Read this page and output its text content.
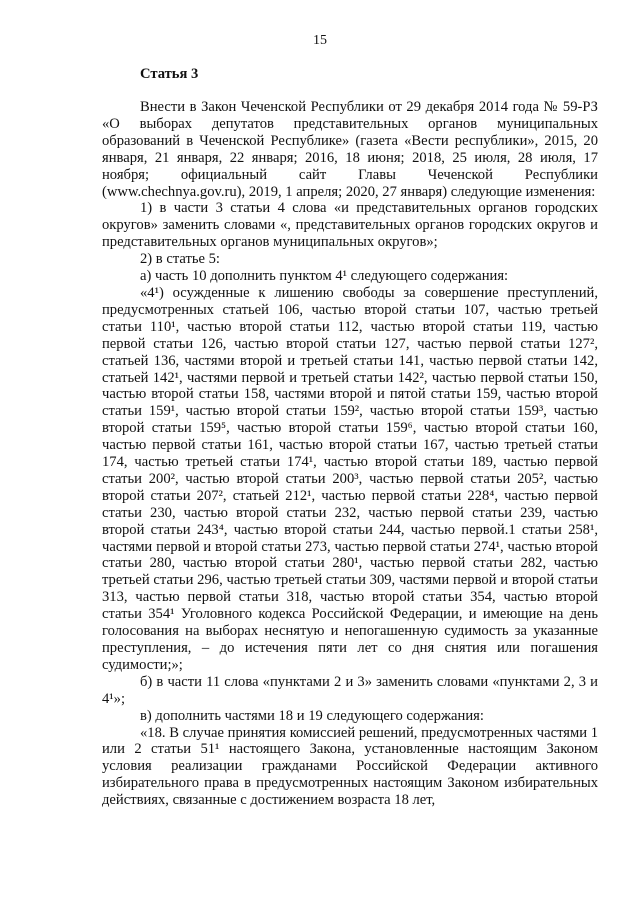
15
Статья 3

Внести в Закон Чеченской Республики от 29 декабря 2014 года № 59-РЗ «О выборах депутатов представительных органов муниципальных образований в Чеченской Республике» (газета «Вести республики», 2015, 20 января, 21 января, 22 января; 2016, 18 июня; 2018, 25 июля, 28 июля, 17 ноября; официальный сайт Главы Чеченской Республики (www.chechnya.gov.ru), 2019, 1 апреля; 2020, 27 января) следующие изменения:

1) в части 3 статьи 4 слова «и представительных органов городских округов» заменить словами «, представительных органов городских округов и представительных органов муниципальных округов»;

2) в статье 5:

а) часть 10 дополнить пунктом 4¹ следующего содержания:

«4¹) осужденные к лишению свободы за совершение преступлений, предусмотренных статьей 106, частью второй статьи 107, частью третьей статьи 110¹, частью второй статьи 112, частью второй статьи 119, частью первой статьи 126, частью второй статьи 127, частью первой статьи 127², статьей 136, частями второй и третьей статьи 141, частью первой статьи 142, статьей 142¹, частями первой и третьей статьи 142², частью первой статьи 150, частью второй статьи 158, частями второй и пятой статьи 159, частью второй статьи 159¹, частью второй статьи 159², частью второй статьи 159³, частью второй статьи 159⁵, частью второй статьи 159⁶, частью второй статьи 160, частью первой статьи 161, частью второй статьи 167, частью третьей статьи 174, частью третьей статьи 174¹, частью второй статьи 189, частью первой статьи 200², частью второй статьи 200³, частью первой статьи 205², частью второй статьи 207², статьей 212¹, частью первой статьи 228⁴, частью первой статьи 230, частью второй статьи 232, частью первой статьи 239, частью второй статьи 243⁴, частью второй статьи 244, частью первой.1 статьи 258¹, частями первой и второй статьи 273, частью первой статьи 274¹, частью второй статьи 280, частью второй статьи 280¹, частью первой статьи 282, частью третьей статьи 296, частью третьей статьи 309, частями первой и второй статьи 313, частью первой статьи 318, частью второй статьи 354, частью второй статьи 354¹ Уголовного кодекса Российской Федерации, и имеющие на день голосования на выборах неснятую и непогашенную судимость за указанные преступления, – до истечения пяти лет со дня снятия или погашения судимости;»;

б) в части 11 слова «пунктами 2 и 3» заменить словами «пунктами 2, 3 и 4¹»;

в) дополнить частями 18 и 19 следующего содержания:

«18. В случае принятия комиссией решений, предусмотренных частями 1 или 2 статьи 51¹ настоящего Закона, установленные настоящим Законом условия реализации гражданами Российской Федерации активного избирательного права в предусмотренных настоящим Законом избирательных действиях, связанные с достижением возраста 18 лет,
